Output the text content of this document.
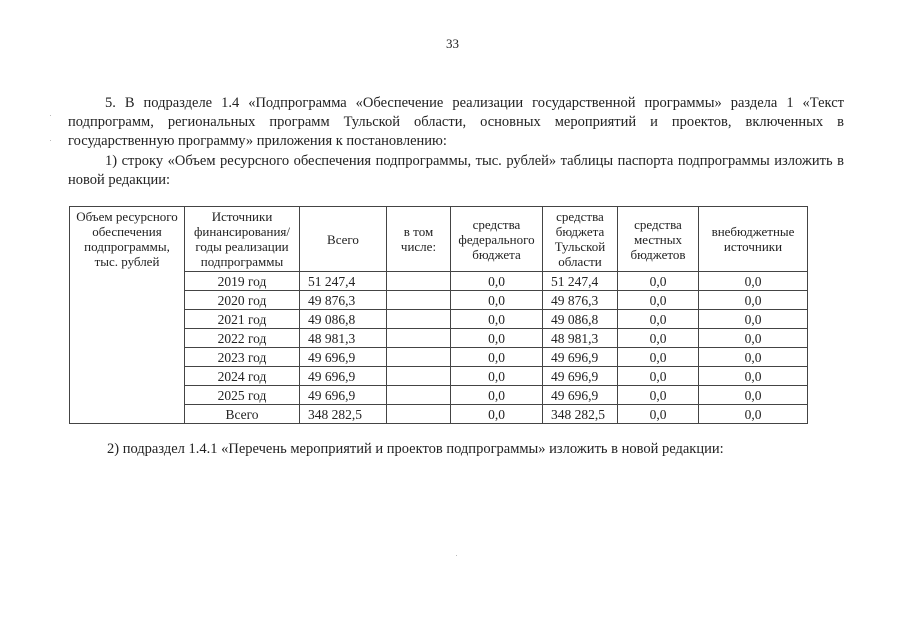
33

5. В подразделе 1.4 «Подпрограмма «Обеспечение реализации государственной программы» раздела 1 «Текст подпрограмм, региональных программ Тульской области, основных мероприятий и проектов, включенных в государственную программу» приложения к постановлению:

1) строку «Объем ресурсного обеспечения подпрограммы, тыс. рублей» таблицы паспорта подпрограммы изложить в новой редакции:

Объем ресурсного обеспечения подпрограммы, тыс. рублей	Источники финансирования/ годы реализации подпрограммы	Всего	в том числе:	средства федерального бюджета	средства бюджета Тульской области	средства местных бюджетов	внебюджетные источники
	2019 год	51 247,4		0,0	51 247,4	0,0	0,0
	2020 год	49 876,3		0,0	49 876,3	0,0	0,0
	2021 год	49 086,8		0,0	49 086,8	0,0	0,0
	2022 год	48 981,3		0,0	48 981,3	0,0	0,0
	2023 год	49 696,9		0,0	49 696,9	0,0	0,0
	2024 год	49 696,9		0,0	49 696,9	0,0	0,0
	2025 год	49 696,9		0,0	49 696,9	0,0	0,0
	Всего	348 282,5		0,0	348 282,5	0,0	0,0

2) подраздел 1.4.1 «Перечень мероприятий и проектов подпрограммы» изложить в новой редакции:
